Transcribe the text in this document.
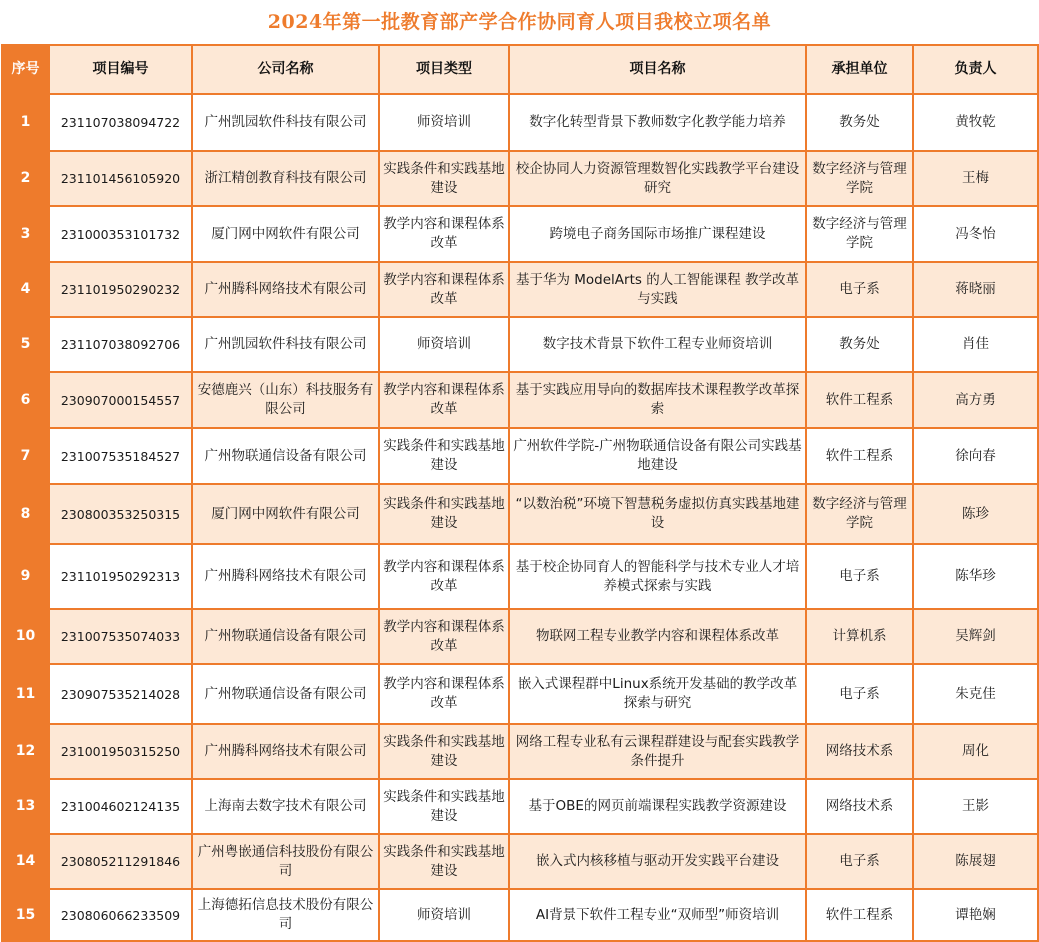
2024年第一批教育部产学合作协同育人项目我校立项名单
序号	项目编号	公司名称	项目类型	项目名称	承担单位	负责人
1	231107038094722	广州凯园软件科技有限公司	师资培训	数字化转型背景下教师数字化教学能力培养	教务处	黄牧乾
2	231101456105920	浙江精创教育科技有限公司	实践条件和实践基地建设	校企协同人力资源管理数智化实践教学平台建设研究	数字经济与管理学院	王梅
3	231000353101732	厦门网中网软件有限公司	教学内容和课程体系改革	跨境电子商务国际市场推广课程建设	数字经济与管理学院	冯冬怡
4	231101950290232	广州腾科网络技术有限公司	教学内容和课程体系改革	基于华为 ModelArts 的人工智能课程 教学改革与实践	电子系	蒋晓丽
5	231107038092706	广州凯园软件科技有限公司	师资培训	数字技术背景下软件工程专业师资培训	教务处	肖佳
6	230907000154557	安德鹿兴（山东）科技服务有限公司	教学内容和课程体系改革	基于实践应用导向的数据库技术课程教学改革探索	软件工程系	高方勇
7	231007535184527	广州物联通信设备有限公司	实践条件和实践基地建设	广州软件学院-广州物联通信设备有限公司实践基地建设	软件工程系	徐向春
8	230800353250315	厦门网中网软件有限公司	实践条件和实践基地建设	“以数治税”环境下智慧税务虚拟仿真实践基地建设	数字经济与管理学院	陈珍
9	231101950292313	广州腾科网络技术有限公司	教学内容和课程体系改革	基于校企协同育人的智能科学与技术专业人才培养模式探索与实践	电子系	陈华珍
10	231007535074033	广州物联通信设备有限公司	教学内容和课程体系改革	物联网工程专业教学内容和课程体系改革	计算机系	吴辉剑
11	230907535214028	广州物联通信设备有限公司	教学内容和课程体系改革	嵌入式课程群中Linux系统开发基础的教学改革探索与研究	电子系	朱克佳
12	231001950315250	广州腾科网络技术有限公司	实践条件和实践基地建设	网络工程专业私有云课程群建设与配套实践教学条件提升	网络技术系	周化
13	231004602124135	上海南去数字技术有限公司	实践条件和实践基地建设	基于OBE的网页前端课程实践教学资源建设	网络技术系	王影
14	230805211291846	广州粤嵌通信科技股份有限公司	实践条件和实践基地建设	嵌入式内核移植与驱动开发实践平台建设	电子系	陈展翅
15	230806066233509	上海德拓信息技术股份有限公司	师资培训	AI背景下软件工程专业“双师型”师资培训	软件工程系	谭艳娴
